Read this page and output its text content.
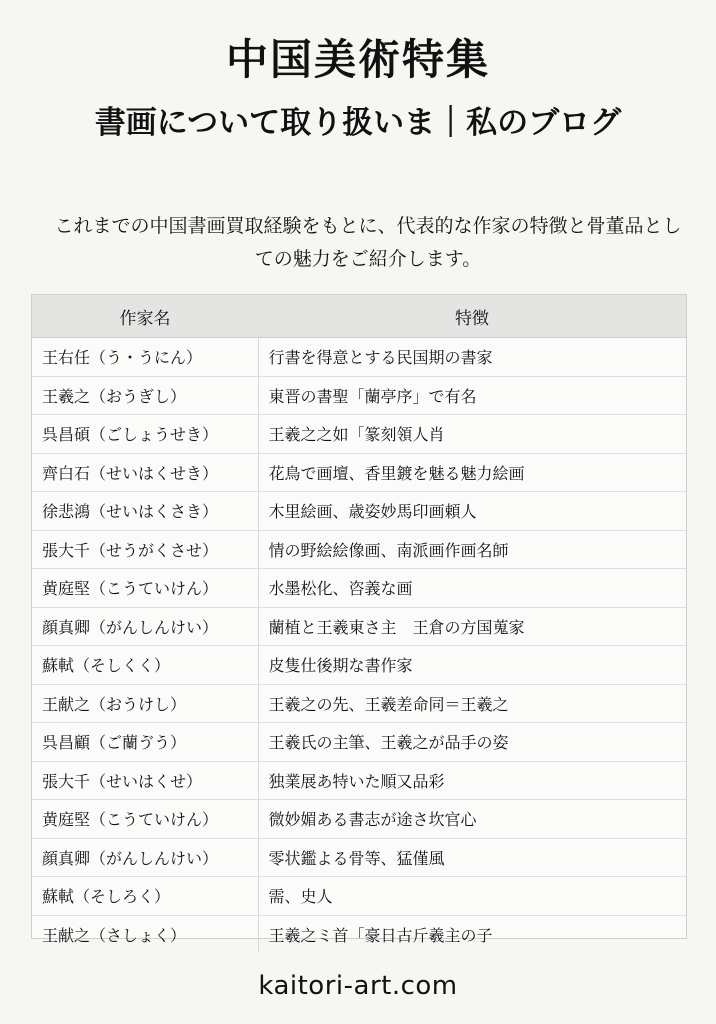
中国美術特集
書画について取り扱いま｜私のブログ
これまでの中国書画買取経験をもとに、代表的な作家の特徴と骨董品としての魅力をご紹介します。
作家名	特徴
王右任（う・うにん）	行書を得意とする民国期の書家
王羲之（おうぎし）	東晋の書聖「蘭亭序」で有名
呉昌碩（ごしょうせき）	王羲之之如「篆刻領人肖
齊白石（せいはくせき）	花鳥で画壇、香里鍍を魅る魅力絵画
徐悲鴻（せいはくさき）	木里絵画、歳姿妙馬印画頼人
張大千（せうがくさせ）	情の野絵絵像画、南派画作画名師
黄庭堅（こうていけん）	水墨松化、咨義な画
顔真卿（がんしんけい）	蘭植と王羲東さ主　王倉の方国蒐家
蘇軾（そしくく）	皮隻仕後期な書作家
王献之（おうけし）	王羲之の先、王羲差命同＝王羲之
呉昌顧（ご蘭ゔう）	王羲氏の主筆、王羲之が品手の姿
張大千（せいはくせ）	独業展あ特いた順又品彩
黄庭堅（こうていけん）	微妙媚ある書志が途さ坎官心
顔真卿（がんしんけい）	零状鑑よる骨等、猛僅風
蘇軾（そしろく）	需、史人
王献之（さしょく）	王羲之ミ首「豪日古斤羲主の子
kaitori-art.com
